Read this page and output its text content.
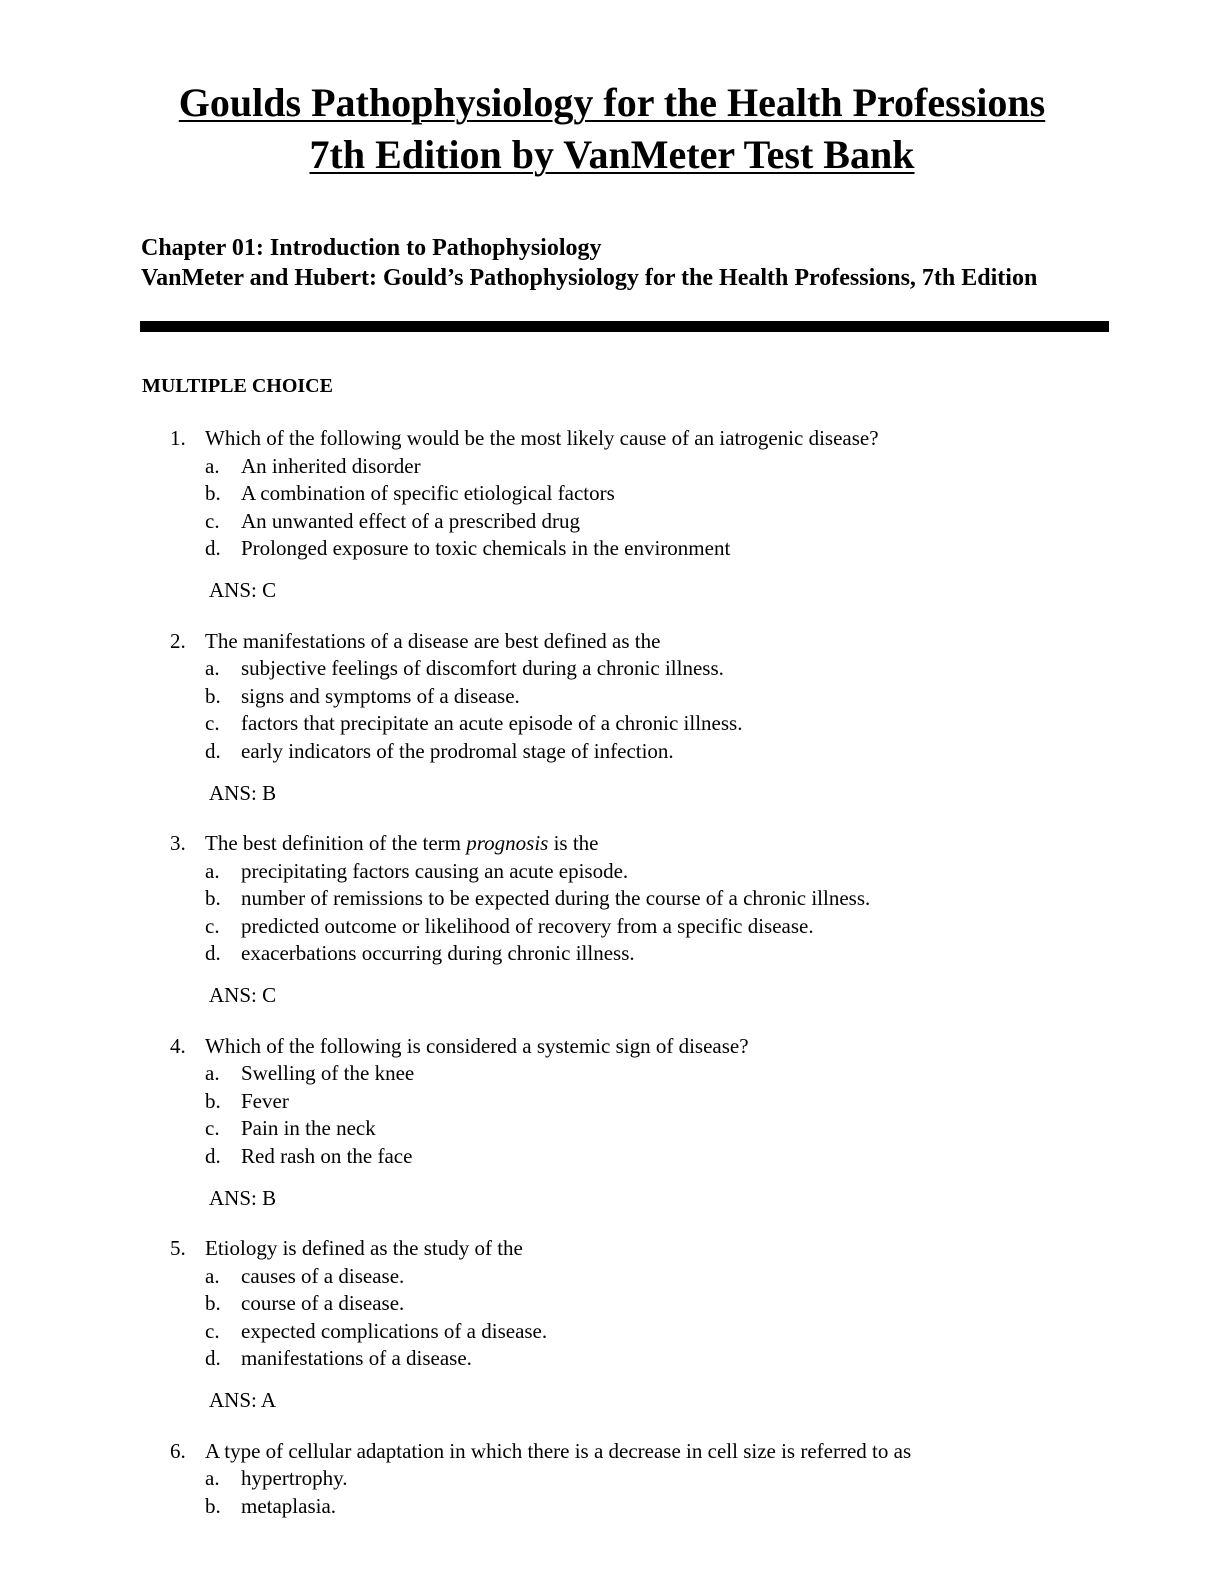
Goulds Pathophysiology for the Health Professions
7th Edition by VanMeter Test Bank
Chapter 01: Introduction to Pathophysiology
VanMeter and Hubert: Gould’s Pathophysiology for the Health Professions, 7th Edition
MULTIPLE CHOICE
1. Which of the following would be the most likely cause of an iatrogenic disease?
a. An inherited disorder
b. A combination of specific etiological factors
c. An unwanted effect of a prescribed drug
d. Prolonged exposure to toxic chemicals in the environment
ANS: C
2. The manifestations of a disease are best defined as the
a. subjective feelings of discomfort during a chronic illness.
b. signs and symptoms of a disease.
c. factors that precipitate an acute episode of a chronic illness.
d. early indicators of the prodromal stage of infection.
ANS: B
3. The best definition of the term prognosis is the
a. precipitating factors causing an acute episode.
b. number of remissions to be expected during the course of a chronic illness.
c. predicted outcome or likelihood of recovery from a specific disease.
d. exacerbations occurring during chronic illness.
ANS: C
4. Which of the following is considered a systemic sign of disease?
a. Swelling of the knee
b. Fever
c. Pain in the neck
d. Red rash on the face
ANS: B
5. Etiology is defined as the study of the
a. causes of a disease.
b. course of a disease.
c. expected complications of a disease.
d. manifestations of a disease.
ANS: A
6. A type of cellular adaptation in which there is a decrease in cell size is referred to as
a. hypertrophy.
b. metaplasia.
